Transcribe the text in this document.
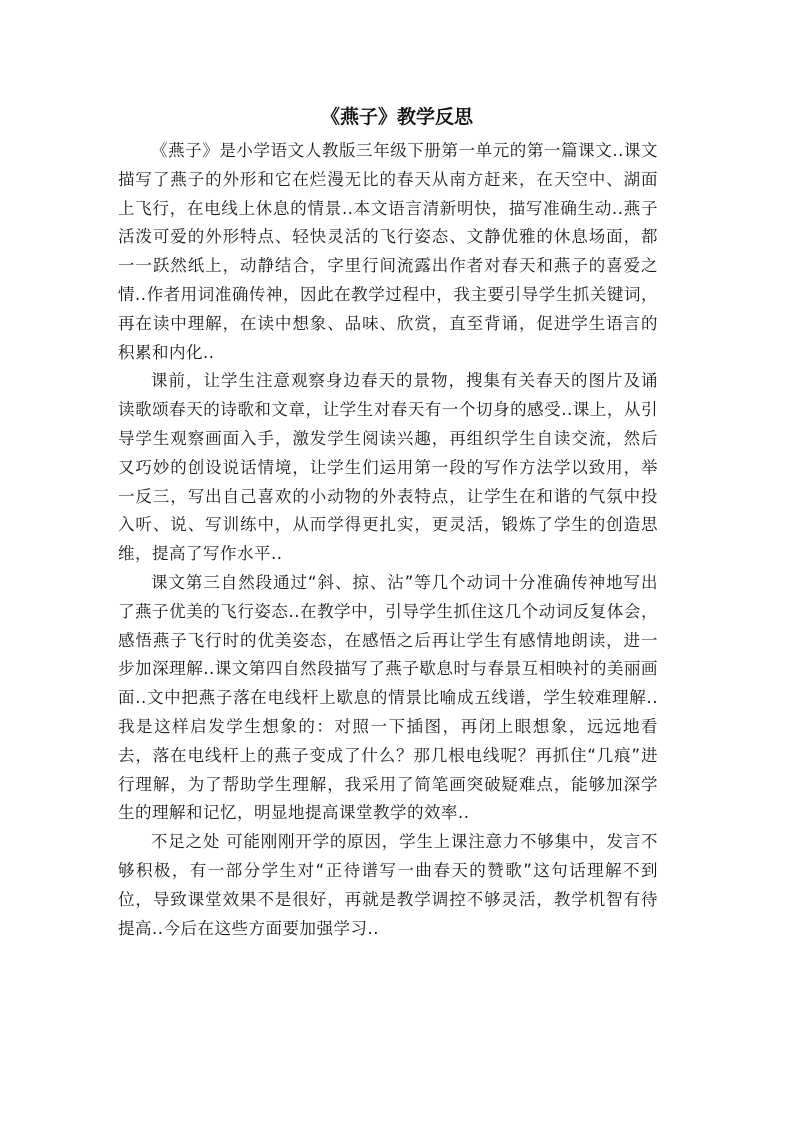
《燕子》教学反思

《燕子》是小学语文人教版三年级下册第一单元的第一篇课文..课文描写了燕子的外形和它在烂漫无比的春天从南方赶来，在天空中、湖面上飞行，在电线上休息的情景..本文语言清新明快，描写准确生动..燕子活泼可爱的外形特点、轻快灵活的飞行姿态、文静优雅的休息场面，都一一跃然纸上，动静结合，字里行间流露出作者对春天和燕子的喜爱之情..作者用词准确传神，因此在教学过程中，我主要引导学生抓关键词，再在读中理解，在读中想象、品味、欣赏，直至背诵，促进学生语言的积累和内化..

课前，让学生注意观察身边春天的景物，搜集有关春天的图片及诵读歌颂春天的诗歌和文章，让学生对春天有一个切身的感受..课上，从引导学生观察画面入手，激发学生阅读兴趣，再组织学生自读交流，然后又巧妙的创设说话情境，让学生们运用第一段的写作方法学以致用，举一反三，写出自己喜欢的小动物的外表特点，让学生在和谐的气氛中投入听、说、写训练中，从而学得更扎实，更灵活，锻炼了学生的创造思维，提高了写作水平..

课文第三自然段通过“斜、掠、沾”等几个动词十分准确传神地写出了燕子优美的飞行姿态..在教学中，引导学生抓住这几个动词反复体会，感悟燕子飞行时的优美姿态，在感悟之后再让学生有感情地朗读，进一步加深理解..课文第四自然段描写了燕子歇息时与春景互相映衬的美丽画面..文中把燕子落在电线杆上歇息的情景比喻成五线谱，学生较难理解..我是这样启发学生想象的：对照一下插图，再闭上眼想象，远远地看去，落在电线杆上的燕子变成了什么？那几根电线呢？再抓住“几痕”进行理解，为了帮助学生理解，我采用了简笔画突破疑难点，能够加深学生的理解和记忆，明显地提高课堂教学的效率..

不足之处 可能刚刚开学的原因，学生上课注意力不够集中，发言不够积极，有一部分学生对“正待谱写一曲春天的赞歌”这句话理解不到位，导致课堂效果不是很好，再就是教学调控不够灵活，教学机智有待提高..今后在这些方面要加强学习..
